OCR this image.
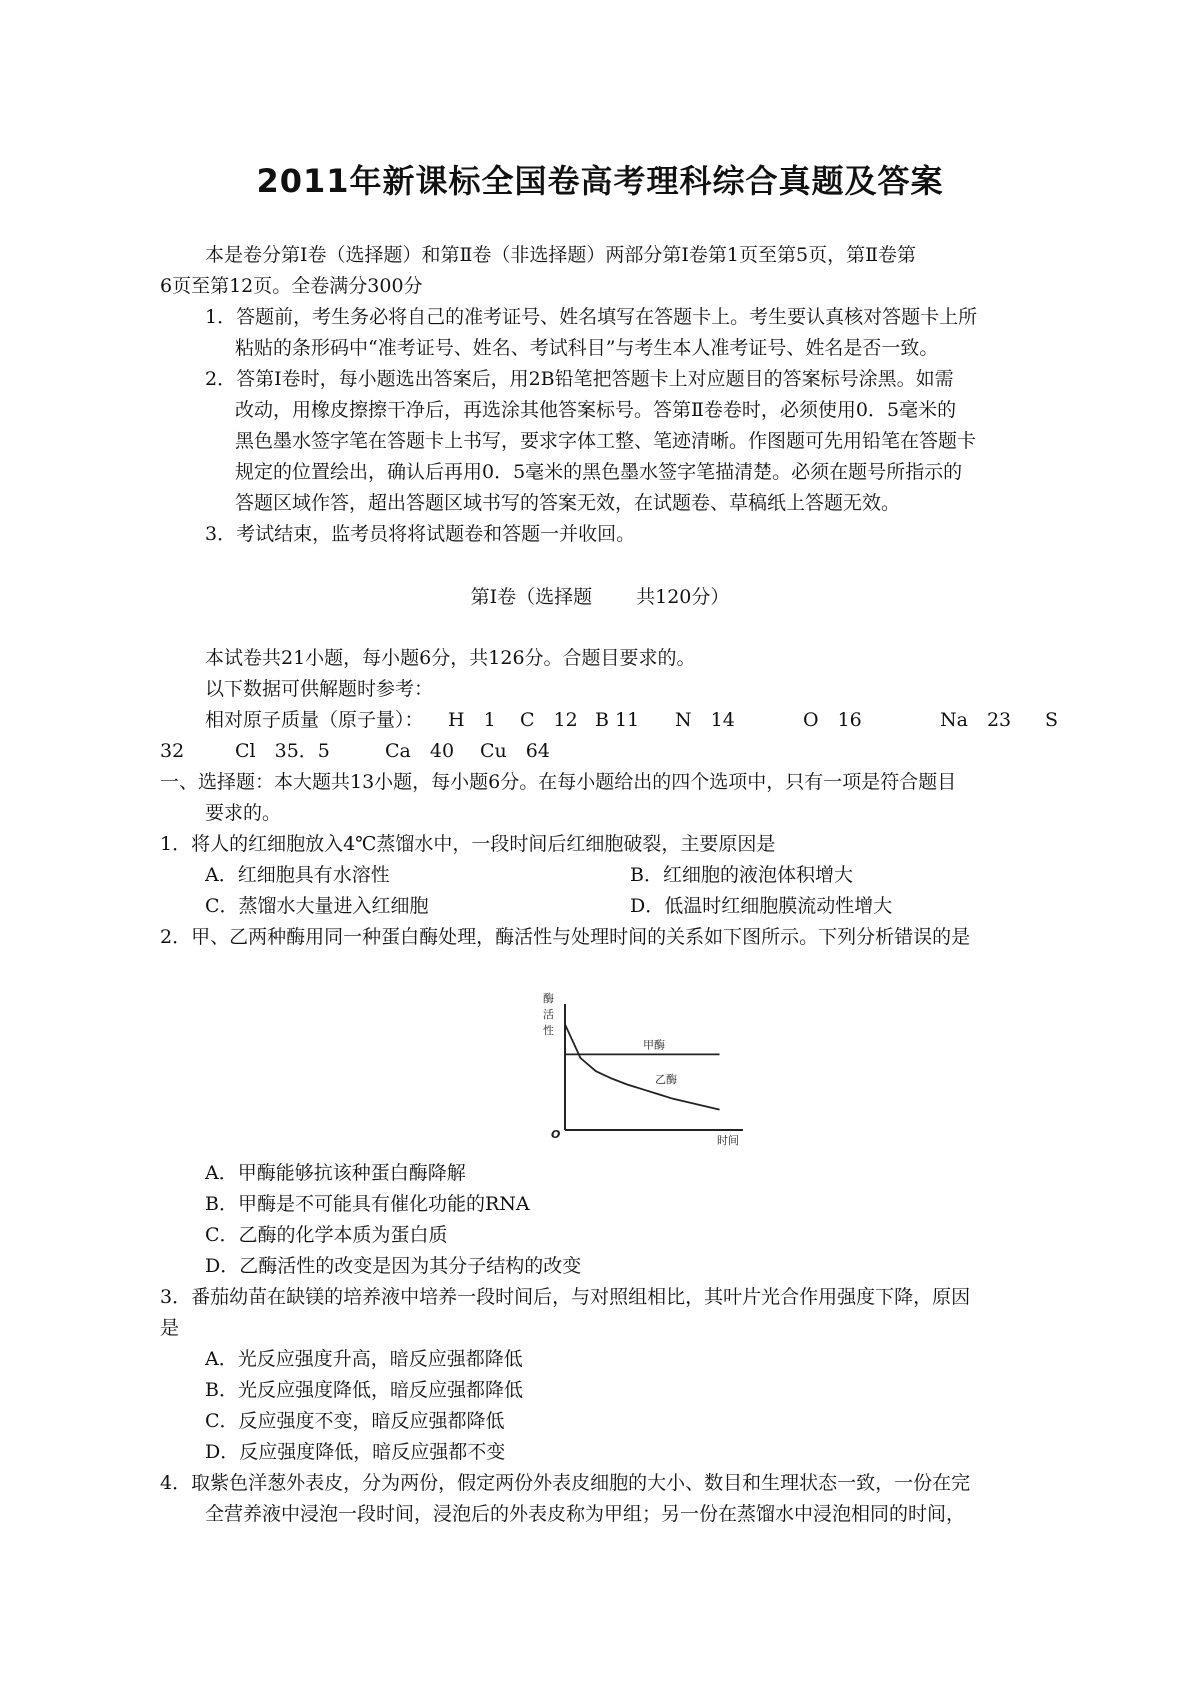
2011年新课标全国卷高考理科综合真题及答案
本是卷分第Ⅰ卷（选择题）和第Ⅱ卷（非选择题）两部分第Ⅰ卷第1页至第5页，第Ⅱ卷第
6页至第12页。全卷满分300分
1．答题前，考生务必将自己的准考证号、姓名填写在答题卡上。考生要认真核对答题卡上所
粘贴的条形码中“准考证号、姓名、考试科目”与考生本人准考证号、姓名是否一致。
2．答第Ⅰ卷时，每小题选出答案后，用2B铅笔把答题卡上对应题目的答案标号涂黑。如需
改动，用橡皮擦擦干净后，再选涂其他答案标号。答第Ⅱ卷卷时，必须使用0．5毫米的
黑色墨水签字笔在答题卡上书写，要求字体工整、笔迹清晰。作图题可先用铅笔在答题卡
规定的位置绘出，确认后再用0．5毫米的黑色墨水签字笔描清楚。必须在题号所指示的
答题区域作答，超出答题区域书写的答案无效，在试题卷、草稿纸上答题无效。
3．考试结束，监考员将将试题卷和答题一并收回。
第Ⅰ卷（选择题 共120分）
本试卷共21小题，每小题6分，共126分。合题目要求的。
以下数据可供解题时参考：
相对原子质量（原子量）： H　1 C　12 B 11 N　14	O　16	Na　23 S
32	Cl　35．5	Ca　40 Cu　64
一、选择题：本大题共13小题，每小题6分。在每小题给出的四个选项中，只有一项是符合题目
要求的。
1．将人的红细胞放入4℃蒸馏水中，一段时间后红细胞破裂，主要原因是
A．红细胞具有水溶性	B．红细胞的液泡体积增大
C．蒸馏水大量进入红细胞	D．低温时红细胞膜流动性增大
2．甲、乙两种酶用同一种蛋白酶处理，酶活性与处理时间的关系如下图所示。下列分析错误的是
酶
活
性
时间
O
甲酶
乙酶
A．甲酶能够抗该种蛋白酶降解
B．甲酶是不可能具有催化功能的RNA
C．乙酶的化学本质为蛋白质
D．乙酶活性的改变是因为其分子结构的改变
3．番茄幼苗在缺镁的培养液中培养一段时间后，与对照组相比，其叶片光合作用强度下降，原因
是
A．光反应强度升高，暗反应强都降低
B．光反应强度降低，暗反应强都降低
C．反应强度不变，暗反应强都降低
D．反应强度降低，暗反应强都不变
4．取紫色洋葱外表皮，分为两份，假定两份外表皮细胞的大小、数目和生理状态一致，一份在完
全营养液中浸泡一段时间，浸泡后的外表皮称为甲组；另一份在蒸馏水中浸泡相同的时间，
